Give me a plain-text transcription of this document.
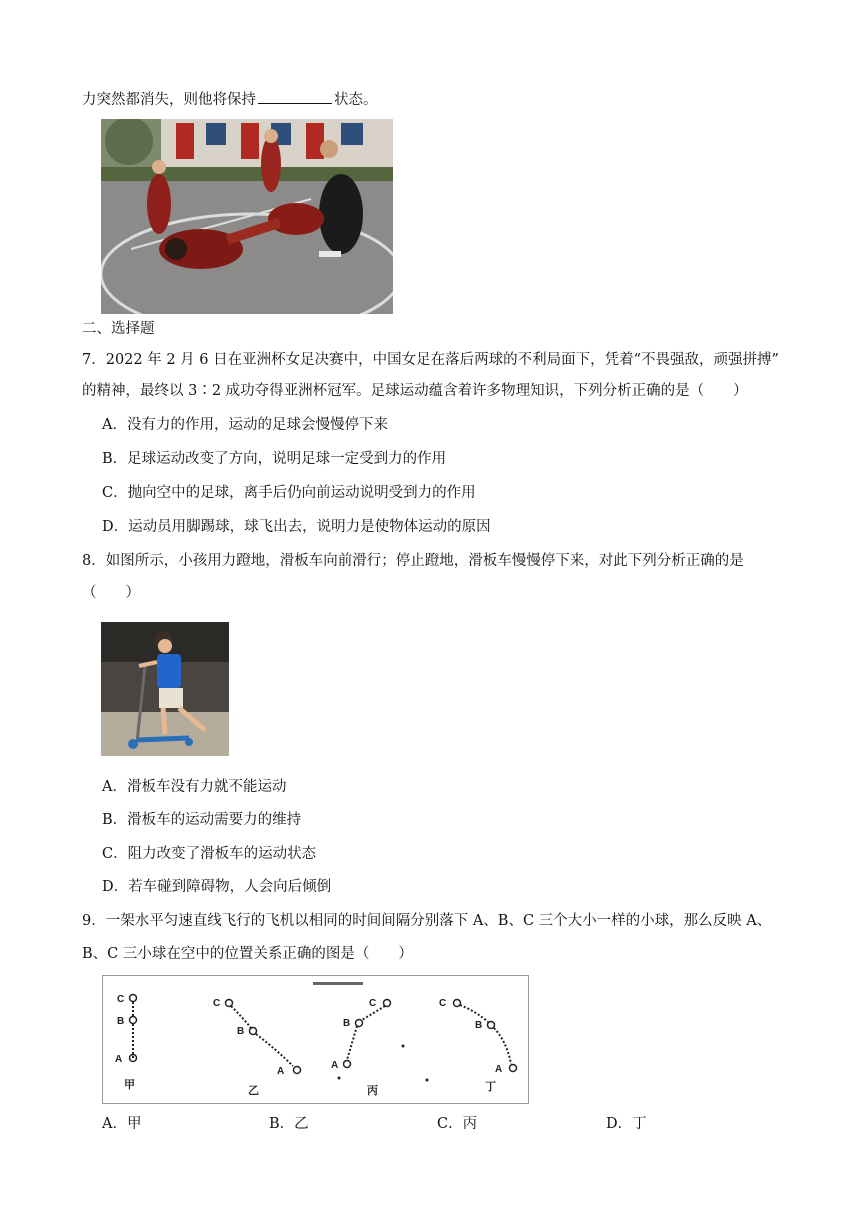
力突然都消失，则他将保持	状态。
二、选择题
7．2022 年 2 月 6 日在亚洲杯女足决赛中，中国女足在落后两球的不利局面下，凭着“不畏强敌，顽强拼搏”
的精神，最终以 3∶2 成功夺得亚洲杯冠军。足球运动蕴含着许多物理知识，下列分析正确的是（　　）
A．没有力的作用，运动的足球会慢慢停下来
B．足球运动改变了方向，说明足球一定受到力的作用
C．抛向空中的足球，离手后仍向前运动说明受到力的作用
D．运动员用脚踢球，球飞出去，说明力是使物体运动的原因
8．如图所示，小孩用力蹬地，滑板车向前滑行；停止蹬地，滑板车慢慢停下来，对此下列分析正确的是
（　　）
A．滑板车没有力就不能运动
B．滑板车的运动需要力的维持
C．阻力改变了滑板车的运动状态
D．若车碰到障碍物，人会向后倾倒
9．一架水平匀速直线飞行的飞机以相同的时间间隔分别落下 A、B、C 三个大小一样的小球，那么反映 A、
B、C 三小球在空中的位置关系正确的图是（　　）
C
B
A
甲
C
B
A
乙
C
B
A
丙
C
B
A
丁
A．甲	B．乙	C．丙	D．丁
